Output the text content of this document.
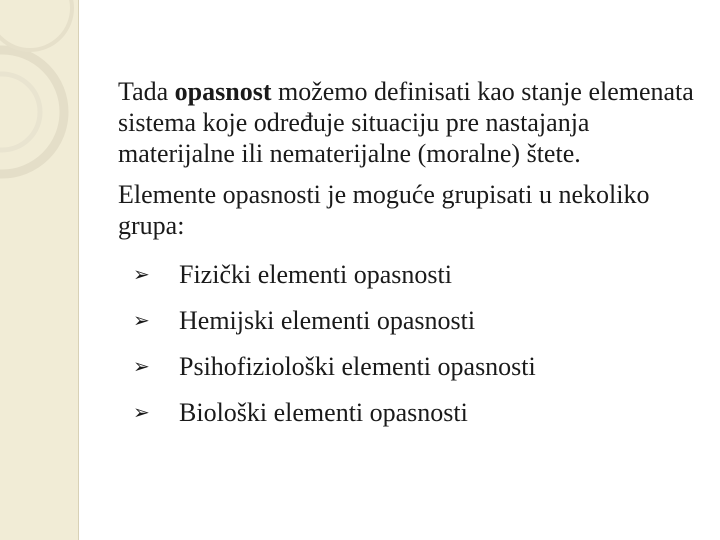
Tada opasnost možemo definisati kao stanje elemenata sistema koje određuje situaciju pre nastajanja materijalne ili nematerijalne (moralne) štete.

Elemente opasnosti je moguće grupisati u nekoliko grupa:

➢	Fizički elementi opasnosti
➢	Hemijski elementi opasnosti
➢	Psihofiziološki elementi opasnosti
➢	Biološki elementi opasnosti
